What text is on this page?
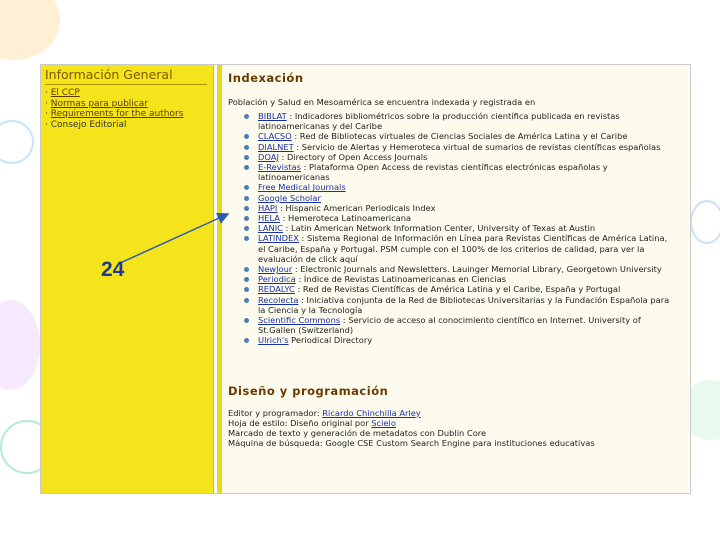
Información General
· El CCP
· Normas para publicar
· Requirements for the authors
· Consejo Editorial
Indexación
Población y Salud en Mesoamérica se encuentra indexada y registrada en
BIBLAT : Indicadores bibliométricos sobre la producción científica publicada en revistas latinoamericanas y del Caribe
CLACSO : Red de Bibliotecas virtuales de Ciencias Sociales de América Latina y el Caribe
DIALNET : Servicio de Alertas y Hemeroteca virtual de sumarios de revistas científicas españolas
DOAJ : Directory of Open Access Journals
E-Revistas : Plataforma Open Access de revistas científicas electrónicas españolas y latinoamericanas
Free Medical Journals
Google Scholar
HAPI : Hispanic American Periodicals Index
HELA : Hemeroteca Latinoamericana
LANIC : Latin American Network Information Center, University of Texas at Austin
LATINDEX : Sistema Regional de Información en Línea para Revistas Científicas de América Latina, el Caribe, España y Portugal. PSM cumple con el 100% de los criterios de calidad, para ver la evaluación de click aquí
NewJour : Electronic Journals and Newsletters. Lauinger Memorial Library, Georgetown University
Periodica : Índice de Revistas Latinoamericanas en Ciencias
REDALYC : Red de Revistas Científicas de América Latina y el Caribe, España y Portugal
Recolecta : Iniciativa conjunta de la Red de Bibliotecas Universitarias y la Fundación Española para la Ciencia y la Tecnología
Scientific Commons : Servicio de acceso al conocimiento científico en Internet. University of St.Gallen (Switzerland)
Ulrich's Periodical Directory
Diseño y programación
Editor y programador: Ricardo Chinchilla Arley
Hoja de estilo: Diseño original por Scielo
Marcado de texto y generación de metadatos con Dublin Core
Máquina de búsqueda: Google CSE Custom Search Engine para instituciones educativas
24
